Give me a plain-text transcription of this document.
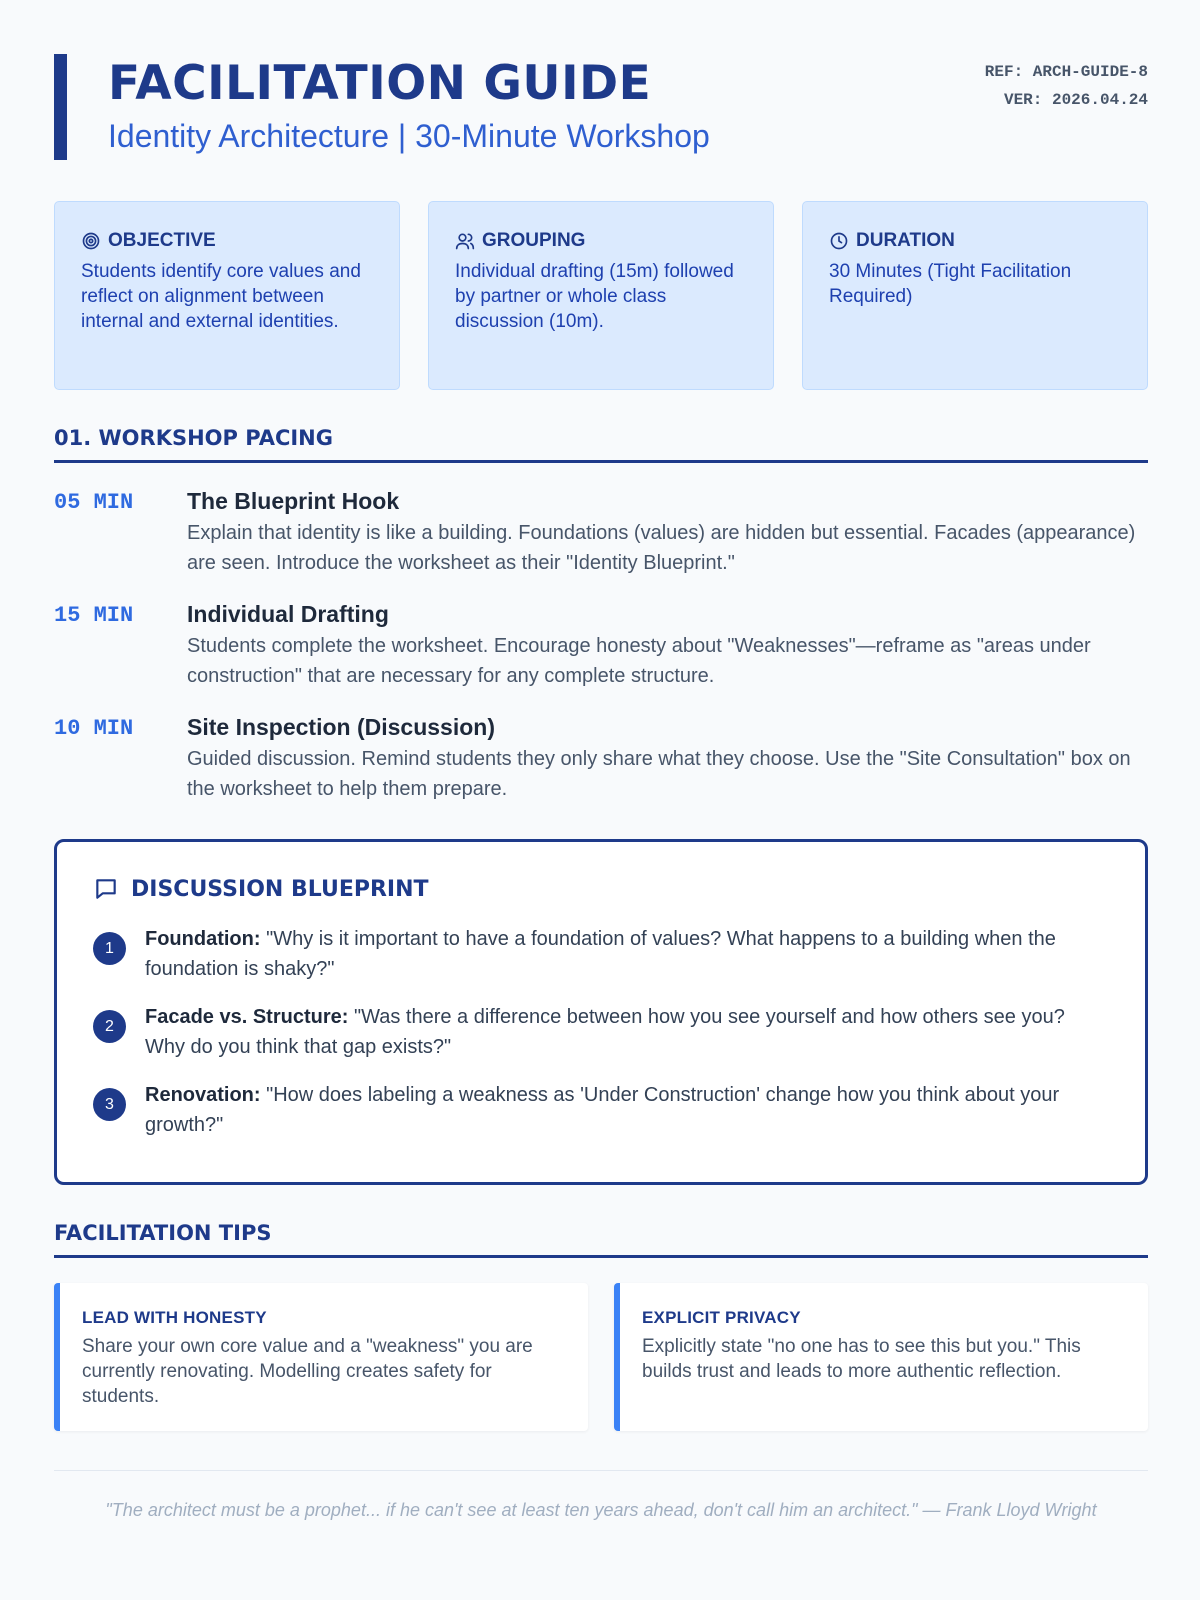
FACILITATION GUIDE
Identity Architecture | 30-Minute Workshop
REF: ARCH-GUIDE-8
VER: 2026.04.24
OBJECTIVE
Students identify core values and reflect on alignment between internal and external identities.
GROUPING
Individual drafting (15m) followed by partner or whole class discussion (10m).
DURATION
30 Minutes (Tight Facilitation Required)
01. WORKSHOP PACING
05 MIN The Blueprint Hook
Explain that identity is like a building. Foundations (values) are hidden but essential. Facades (appearance) are seen. Introduce the worksheet as their "Identity Blueprint."
15 MIN Individual Drafting
Students complete the worksheet. Encourage honesty about "Weaknesses"—reframe as "areas under construction" that are necessary for any complete structure.
10 MIN Site Inspection (Discussion)
Guided discussion. Remind students they only share what they choose. Use the "Site Consultation" box on the worksheet to help them prepare.
DISCUSSION BLUEPRINT
1	Foundation: "Why is it important to have a foundation of values? What happens to a building when the foundation is shaky?"
2	Facade vs. Structure: "Was there a difference between how you see yourself and how others see you? Why do you think that gap exists?"
3	Renovation: "How does labeling a weakness as 'Under Construction' change how you think about your growth?"
FACILITATION TIPS
LEAD WITH HONESTY
Share your own core value and a "weakness" you are currently renovating. Modelling creates safety for students.
EXPLICIT PRIVACY
Explicitly state "no one has to see this but you." This builds trust and leads to more authentic reflection.
"The architect must be a prophet... if he can't see at least ten years ahead, don't call him an architect." — Frank Lloyd Wright
